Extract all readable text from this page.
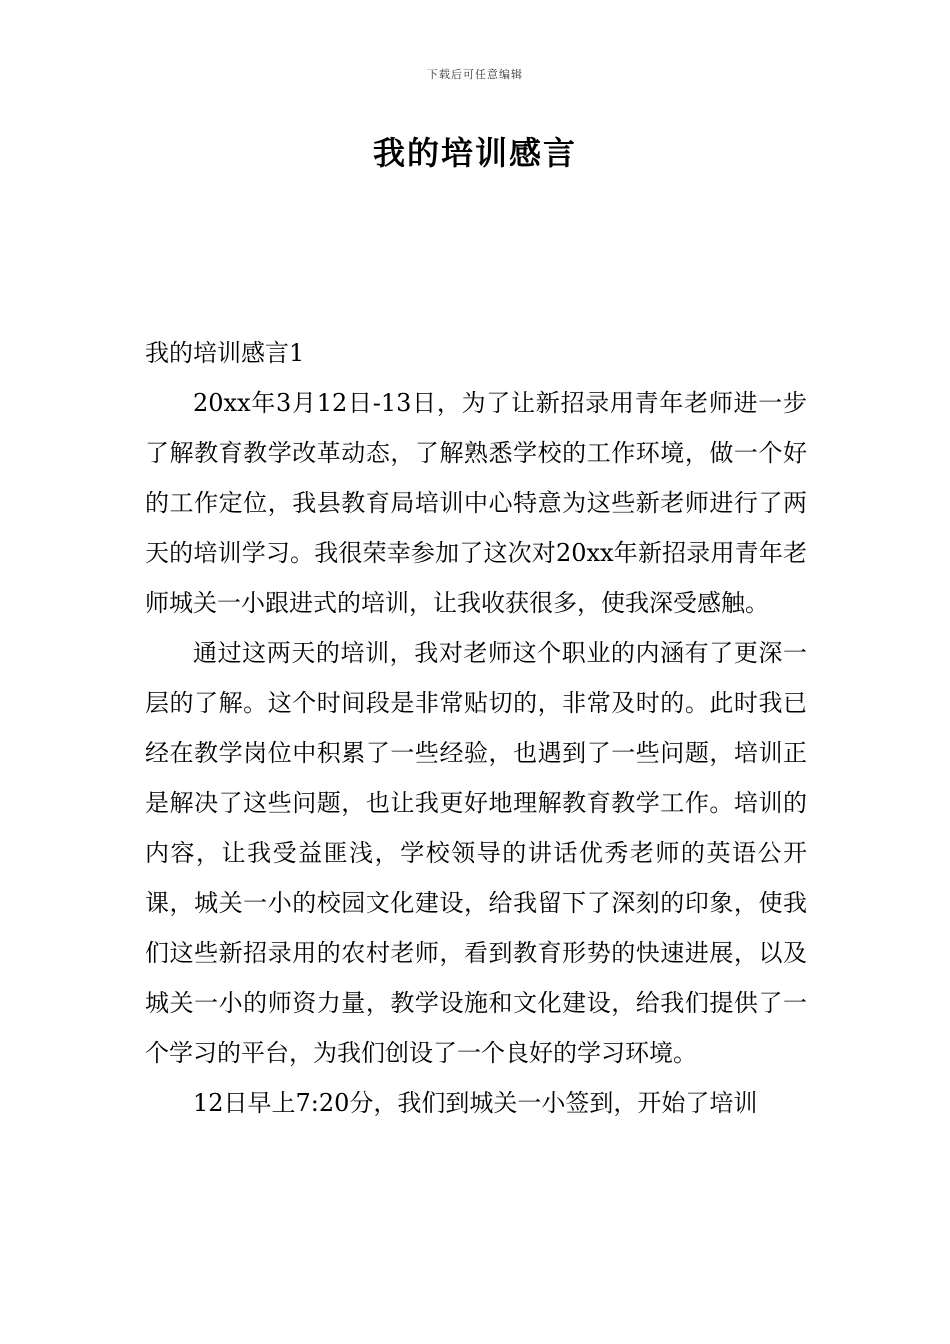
下载后可任意编辑
我的培训感言
我的培训感言1

20xx年3月12日-13日，为了让新招录用青年老师进一步了解教育教学改革动态，了解熟悉学校的工作环境，做一个好的工作定位，我县教育局培训中心特意为这些新老师进行了两天的培训学习。我很荣幸参加了这次对20xx年新招录用青年老师城关一小跟进式的培训，让我收获很多，使我深受感触。

通过这两天的培训，我对老师这个职业的内涵有了更深一层的了解。这个时间段是非常贴切的，非常及时的。此时我已经在教学岗位中积累了一些经验，也遇到了一些问题，培训正是解决了这些问题，也让我更好地理解教育教学工作。培训的内容，让我受益匪浅，学校领导的讲话优秀老师的英语公开课，城关一小的校园文化建设，给我留下了深刻的印象，使我们这些新招录用的农村老师，看到教育形势的快速进展，以及城关一小的师资力量，教学设施和文化建设，给我们提供了一个学习的平台，为我们创设了一个良好的学习环境。

12日早上7:20分，我们到城关一小签到，开始了培训
